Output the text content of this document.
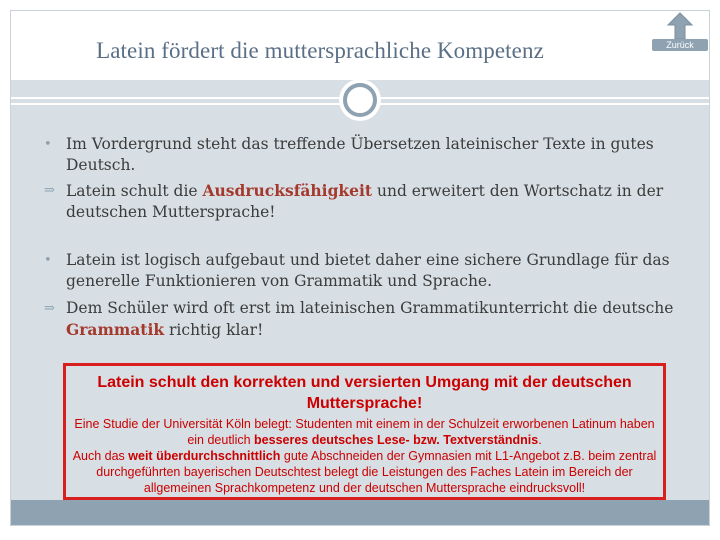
Latein fördert die muttersprachliche Kompetenz	Zurück
• Im Vordergrund steht das treffende Übersetzen lateinischer Texte in gutes Deutsch.
⇒ Latein schult die Ausdrucksfähigkeit und erweitert den Wortschatz in der deutschen Muttersprache!
• Latein ist logisch aufgebaut und bietet daher eine sichere Grundlage für das generelle Funktionieren von Grammatik und Sprache.
⇒ Dem Schüler wird oft erst im lateinischen Grammatikunterricht die deutsche Grammatik richtig klar!
Latein schult den korrekten und versierten Umgang mit der deutschen Muttersprache!
Eine Studie der Universität Köln belegt: Studenten mit einem in der Schulzeit erworbenen Latinum haben ein deutlich besseres deutsches Lese- bzw. Textverständnis.
Auch das weit überdurchschnittlich gute Abschneiden der Gymnasien mit L1-Angebot z.B. beim zentral durchgeführten bayerischen Deutschtest belegt die Leistungen des Faches Latein im Bereich der allgemeinen Sprachkompetenz und der deutschen Muttersprache eindrucksvoll!
